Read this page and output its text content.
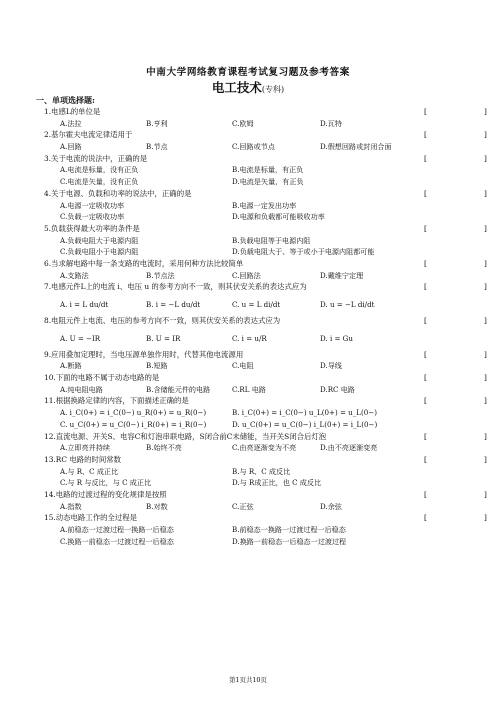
中南大学网络教育课程考试复习题及参考答案
电工技术(专科)
一、单项选择题:
1.电感L的单位是	[	]
A.法拉	B.亨利	C.欧姆	D.瓦特
2.基尔霍夫电流定律适用于	[	]
A.回路	B.节点	C.回路或节点	D.假想回路或封闭合面
3.关于电流的说法中，正确的是	[	]
A.电流是标量，没有正负	B.电流是标量，有正负
C.电流是矢量，没有正负	D.电流是矢量，有正负
4.关于电源、负载和功率的说法中，正确的是	[	]
A.电源一定吸收功率	B.电源一定发出功率
C.负载一定吸收功率	D.电源和负载都可能吸收功率
5.负载获得最大功率的条件是	[	]
A.负载电阻大于电源内阻	B.负载电阻等于电源内阻
C.负载电阻小于电源内阻	D.负载电阻大于、等于或小于电源内阻都可能
6.当求解电路中每一条支路的电流时，采用何种方法比较简单	[	]
A.支路法	B.节点法	C.回路法	D.戴维宁定理
7.电感元件L上的电流 i、电压 u 的参考方向不一致，则其伏安关系的表达式应为	[	]
A. i = L du/dt	B. i = −L du/dt	C. u = L di/dt	D. u = −L di/dt
8.电阻元件上电流、电压的参考方向不一致，则其伏安关系的表达式应为	[	]
A. U = −IR	B. U = IR	C. i = u/R	D. i = Gu
9.应用叠加定理时，当电压源单独作用时，代替其他电流源用	[	]
A.断路	B.短路	C.电阻	D.导线
10.下面的电路不属于动态电路的是	[	]
A.纯电阻电路	B.含储能元件的电路	C.RL 电路	D.RC 电路
11.根据换路定律的内容，下面描述正确的是	[	]
A. i_C(0+) = i_C(0−) u_R(0+) = u_R(0−)	B. i_C(0+) = i_C(0−) u_L(0+) = u_L(0−)
C. u_C(0+) = u_C(0−) i_R(0+) = i_R(0−)	D. u_C(0+) = u_C(0−) i_L(0+) = i_L(0−)
12.直流电源、开关S、电容C和灯泡串联电路，S闭合前C未储能，当开关S闭合后灯泡	[	]
A.立即亮并持续	B.始终不亮	C.由亮逐渐变为不亮	D.由不亮逐渐变亮
13.RC 电路的时间常数	[	]
A.与 R、C 成正比	B.与 R、C 成反比
C.与 R 与反比，与 C 成正比	D.与 R成正比，也 C 成反比
14.电路的过渡过程的变化规律是按照	[	]
A.指数	B.对数	C.正弦	D.余弦
15.动态电路工作的全过程是	[	]
A.前稳态一过渡过程一换路一后稳态	B.前稳态一换路一过渡过程一后稳态
C.换路一前稳态一过渡过程一后稳态	D.换路一前稳态一后稳态一过渡过程
第1页共10页
